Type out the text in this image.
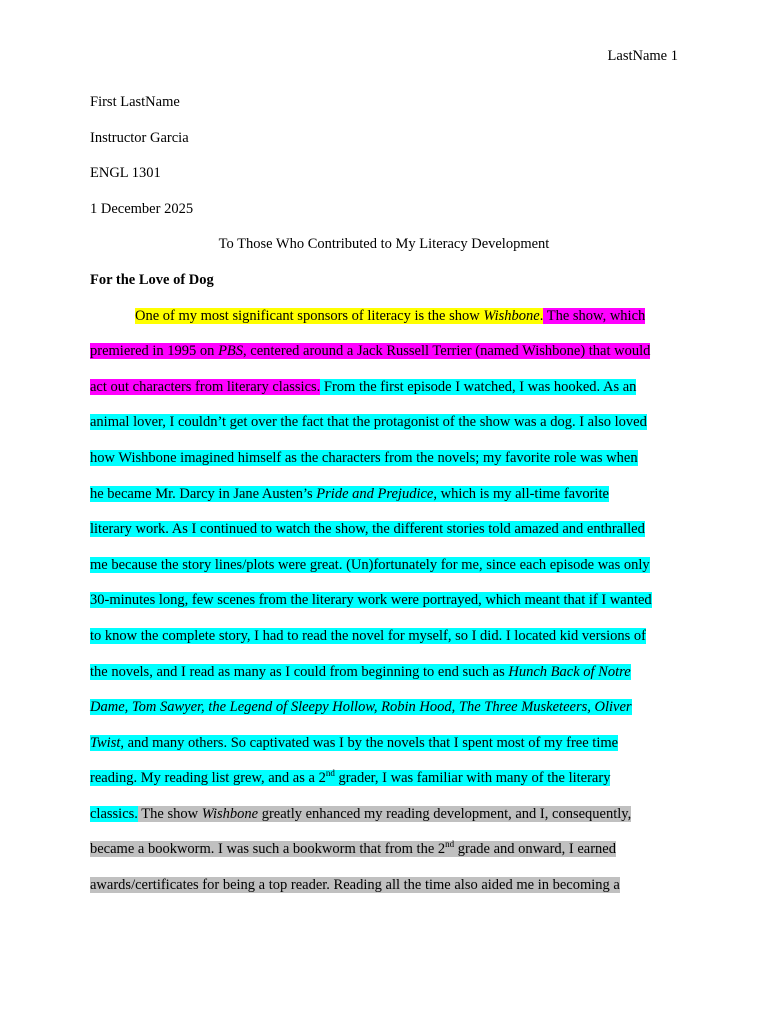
LastName 1
First LastName
Instructor Garcia
ENGL 1301
1 December 2025
To Those Who Contributed to My Literacy Development
For the Love of Dog
One of my most significant sponsors of literacy is the show Wishbone. The show, which
premiered in 1995 on PBS, centered around a Jack Russell Terrier (named Wishbone) that would
act out characters from literary classics. From the first episode I watched, I was hooked. As an
animal lover, I couldn’t get over the fact that the protagonist of the show was a dog. I also loved
how Wishbone imagined himself as the characters from the novels; my favorite role was when
he became Mr. Darcy in Jane Austen’s Pride and Prejudice, which is my all-time favorite
literary work. As I continued to watch the show, the different stories told amazed and enthralled
me because the story lines/plots were great. (Un)fortunately for me, since each episode was only
30-minutes long, few scenes from the literary work were portrayed, which meant that if I wanted
to know the complete story, I had to read the novel for myself, so I did. I located kid versions of
the novels, and I read as many as I could from beginning to end such as Hunch Back of Notre
Dame, Tom Sawyer, the Legend of Sleepy Hollow, Robin Hood, The Three Musketeers, Oliver
Twist, and many others. So captivated was I by the novels that I spent most of my free time
reading. My reading list grew, and as a 2nd grader, I was familiar with many of the literary
classics. The show Wishbone greatly enhanced my reading development, and I, consequently,
became a bookworm. I was such a bookworm that from the 2nd grade and onward, I earned
awards/certificates for being a top reader. Reading all the time also aided me in becoming a
